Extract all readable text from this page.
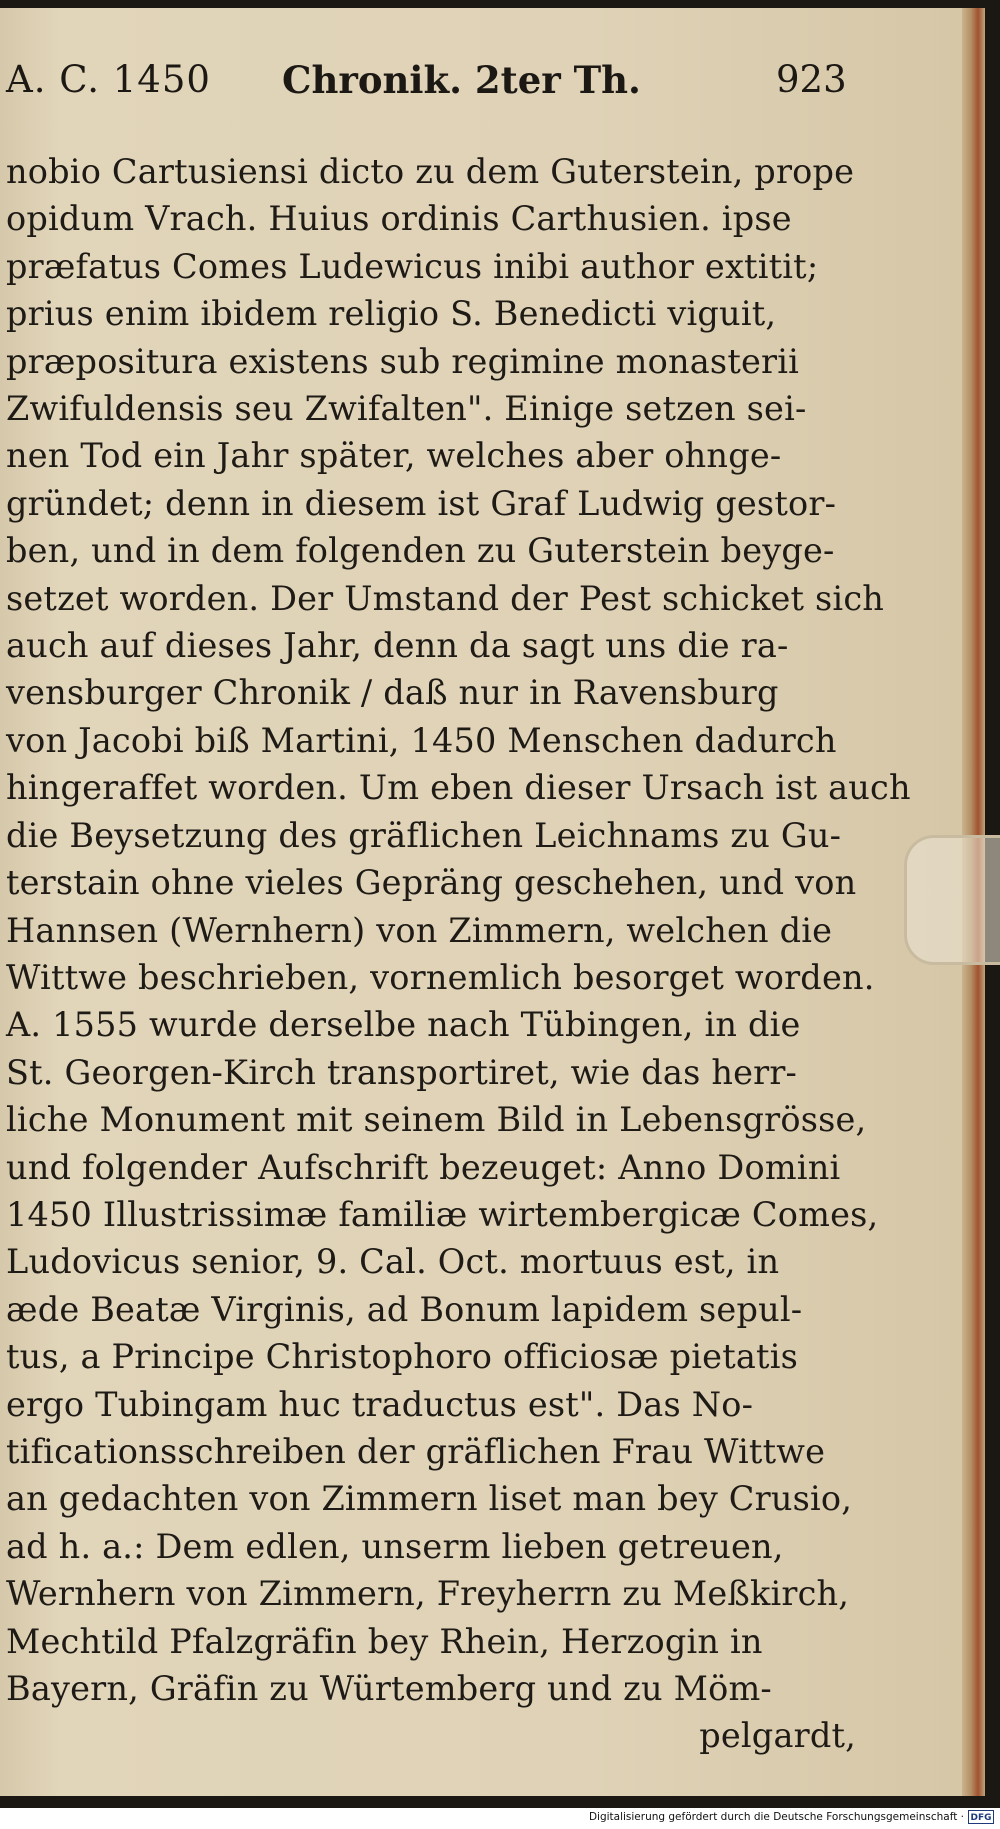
A. C. 1450 Chronik. 2ter Th.	923
nobio Cartusiensi dicto zu dem Guterstein, prope
opidum Vrach. Huius ordinis Carthusien. ipse
præfatus Comes Ludewicus inibi author extitit;
prius enim ibidem religio S. Benedicti viguit,
præpositura existens sub regimine monasterii
Zwifuldensis seu Zwifalten". Einige setzen sei-
nen Tod ein Jahr später, welches aber ohnge-
gründet; denn in diesem ist Graf Ludwig gestor-
ben, und in dem folgenden zu Guterstein beyge-
setzet worden. Der Umstand der Pest schicket sich
auch auf dieses Jahr, denn da sagt uns die ra-
vensburger Chronik / daß nur in Ravensburg
von Jacobi biß Martini, 1450 Menschen dadurch
hingeraffet worden. Um eben dieser Ursach ist auch
die Beysetzung des gräflichen Leichnams zu Gu-
terstain ohne vieles Gepräng geschehen, und von
Hannsen (Wernhern) von Zimmern, welchen die
Wittwe beschrieben, vornemlich besorget worden.
A. 1555 wurde derselbe nach Tübingen, in die
St. Georgen-Kirch transportiret, wie das herr-
liche Monument mit seinem Bild in Lebensgrösse,
und folgender Aufschrift bezeuget: Anno Domini
1450 Illustrissimæ familiæ wirtembergicæ Comes,
Ludovicus senior, 9. Cal. Oct. mortuus est, in
æde Beatæ Virginis, ad Bonum lapidem sepul-
tus, a Principe Christophoro officiosæ pietatis
ergo Tubingam huc traductus est". Das No-
tificationsschreiben der gräflichen Frau Wittwe
an gedachten von Zimmern liset man bey Crusio,
ad h. a.: Dem edlen, unserm lieben getreuen,
Wernhern von Zimmern, Freyherrn zu Meßkirch,
Mechtild Pfalzgräfin bey Rhein, Herzogin in
Bayern, Gräfin zu Würtemberg und zu Möm-
pelgardt,
Digitalisierung gefördert durch die Deutsche Forschungsgemeinschaft · DFG
